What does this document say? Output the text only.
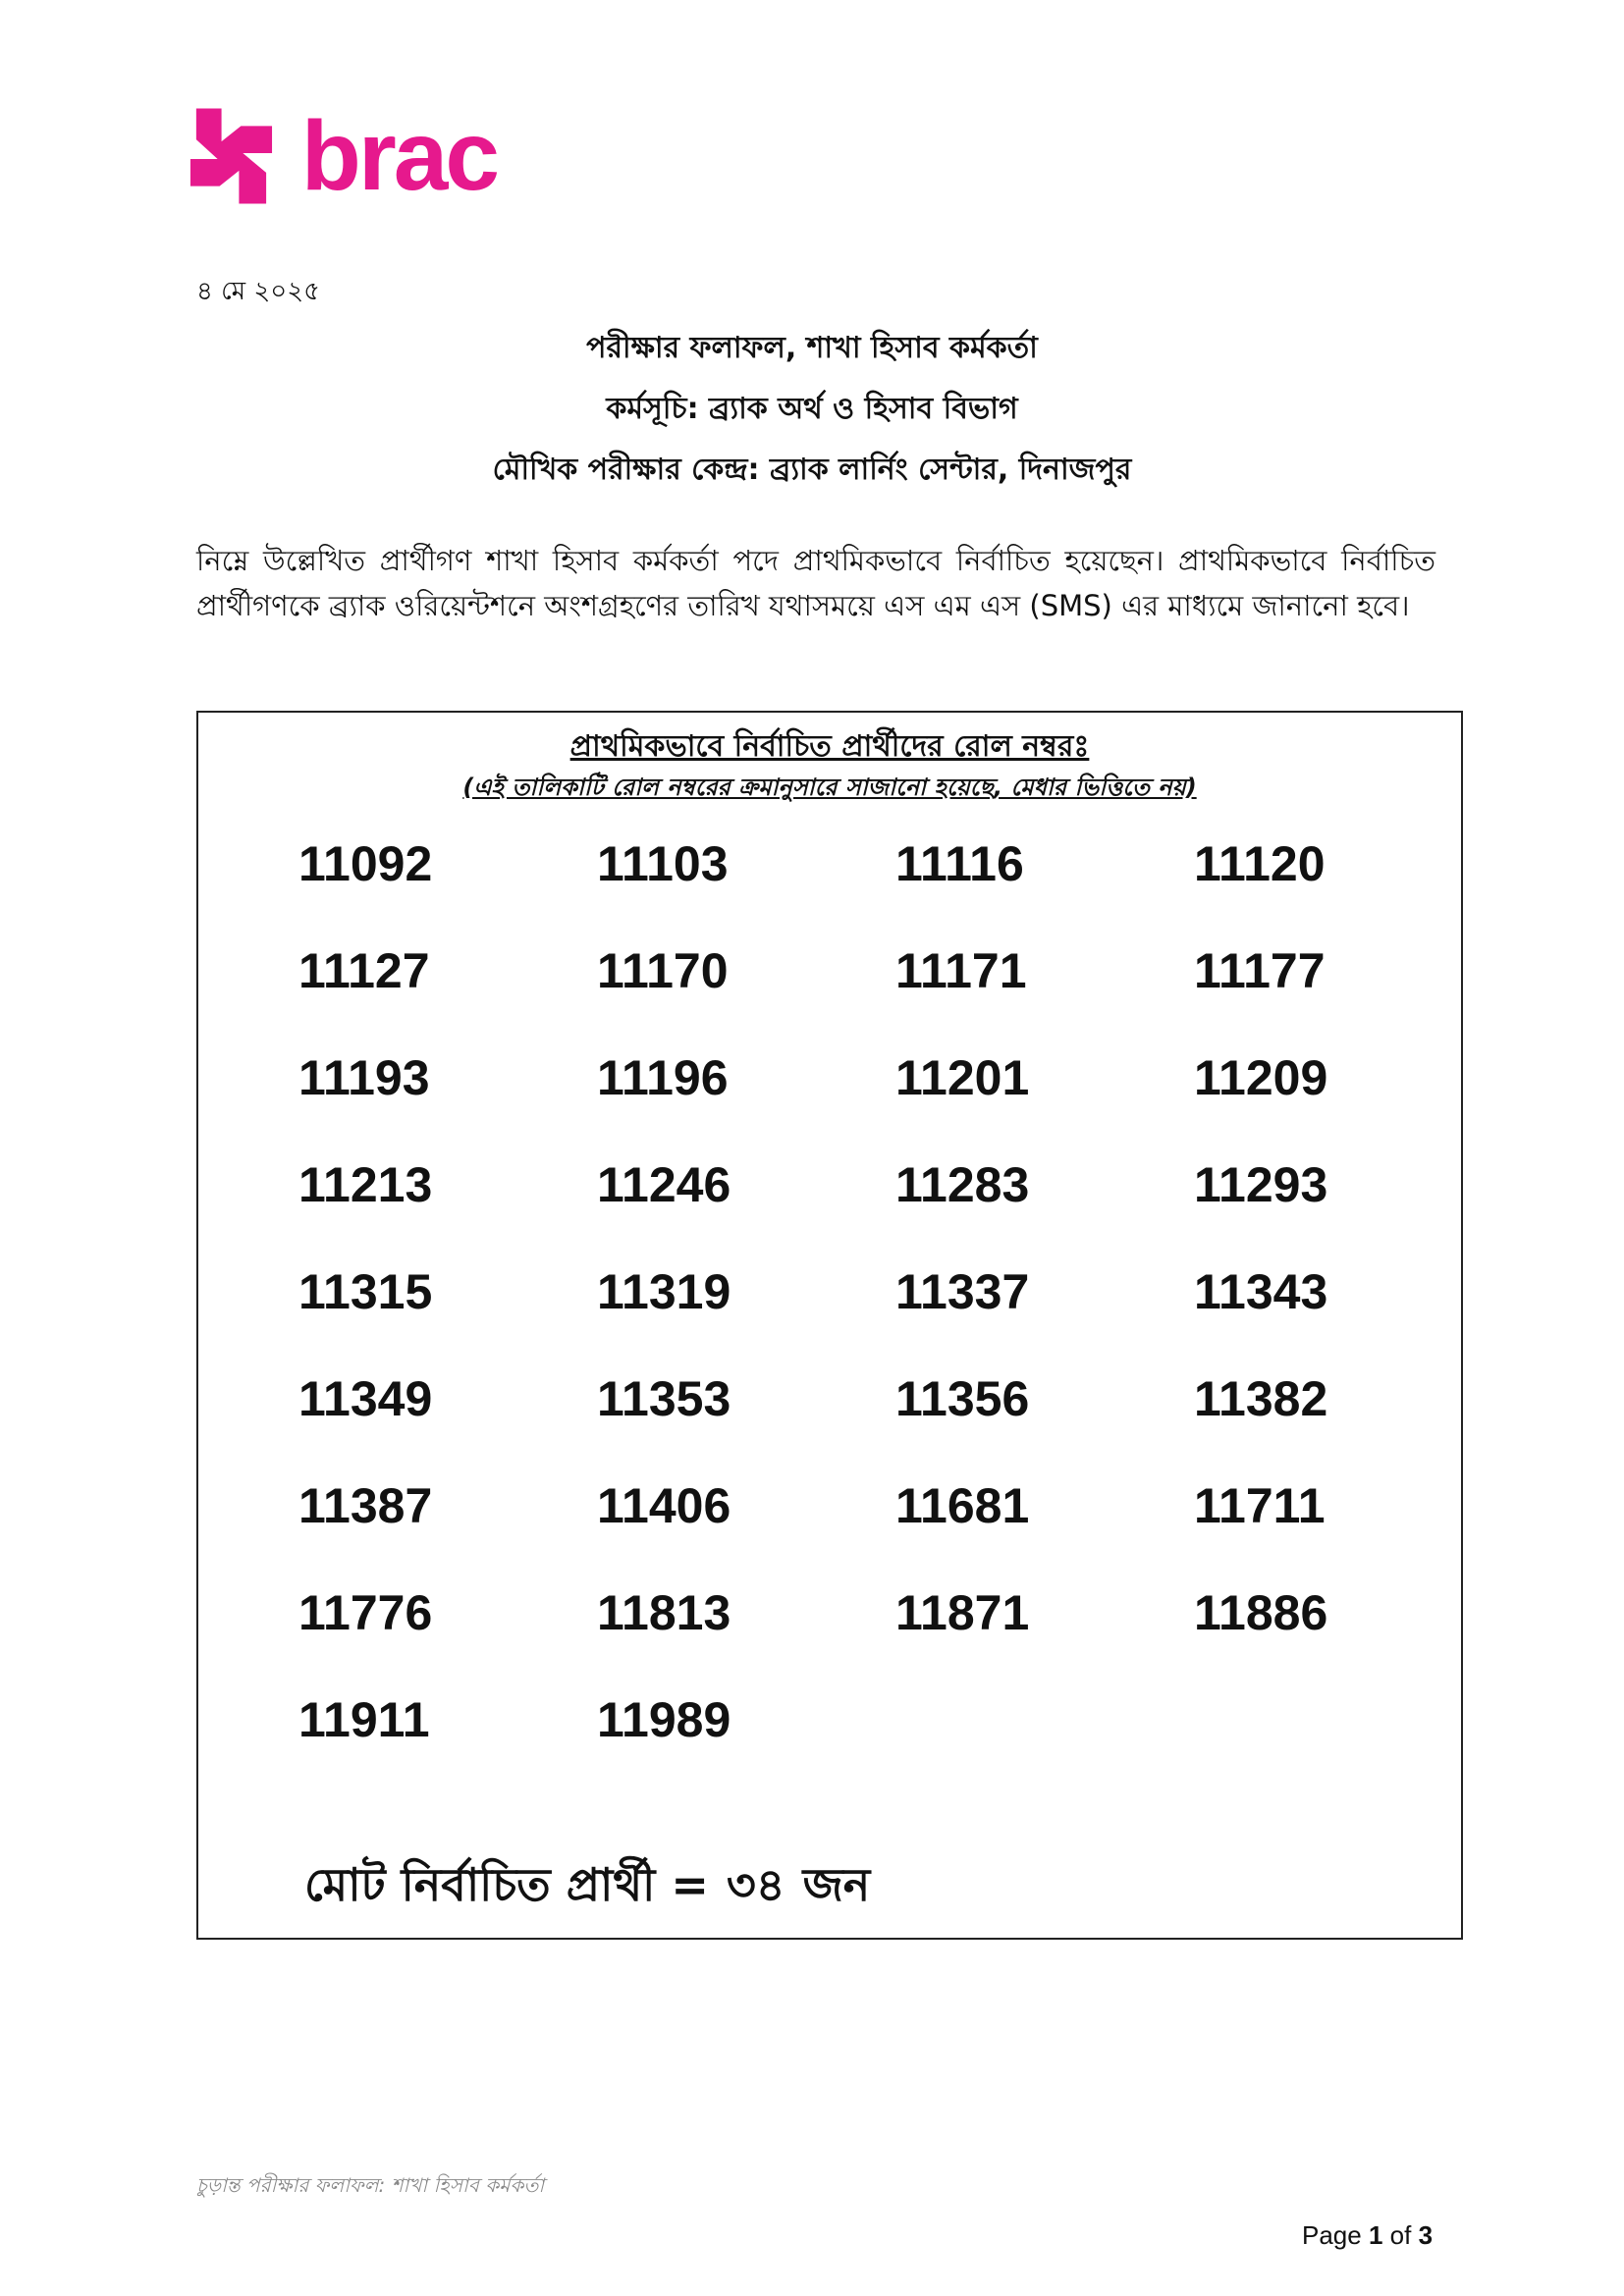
brac
৪ মে ২০২৫
পরীক্ষার ফলাফল, শাখা হিসাব কর্মকর্তা
কর্মসূচি: ব্র্যাক অর্থ ও হিসাব বিভাগ
মৌখিক পরীক্ষার কেন্দ্র: ব্র্যাক লার্নিং সেন্টার, দিনাজপুর
নিম্নে উল্লেখিত প্রার্থীগণ শাখা হিসাব কর্মকর্তা পদে প্রাথমিকভাবে নির্বাচিত হয়েছেন। প্রাথমিকভাবে নির্বাচিত প্রার্থীগণকে ব্র্যাক ওরিয়েন্টশনে অংশগ্রহণের তারিখ যথাসময়ে এস এম এস (SMS) এর মাধ্যমে জানানো হবে।
প্রাথমিকভাবে নির্বাচিত প্রার্থীদের রোল নম্বরঃ
(এই তালিকাটি রোল নম্বরের ক্রমানুসারে সাজানো হয়েছে, মেধার ভিত্তিতে নয়)
11092	11103	11116	11120
11127	11170	11171	11177
11193	11196	11201	11209
11213	11246	11283	11293
11315	11319	11337	11343
11349	11353	11356	11382
11387	11406	11681	11711
11776	11813	11871	11886
11911	11989
মোট নির্বাচিত প্রার্থী = ৩৪ জন
চুড়ান্ত পরীক্ষার ফলাফল: শাখা হিসাব কর্মকর্তা
Page 1 of 3
